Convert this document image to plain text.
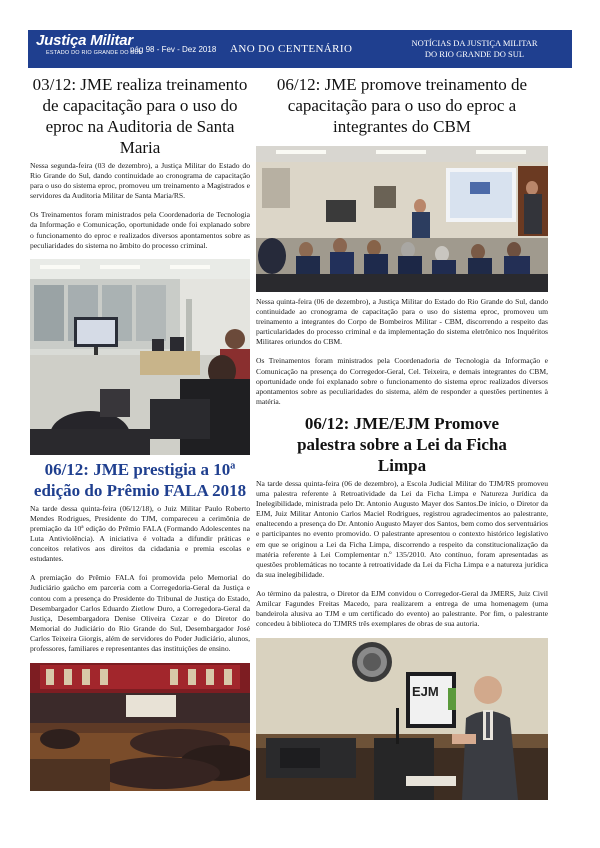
Justiça Militar
ESTADO DO RIO GRANDE DO SUL
pág 98 - Fev - Dez 2018	ANO DO CENTENÁRIO	NOTÍCIAS DA JUSTIÇA MILITAR
DO RIO GRANDE DO SUL
03/12: JME realiza treinamento de capacitação para o uso do eproc na Auditoria de Santa Maria

Nessa segunda-feira (03 de dezembro), a Justiça Militar do Estado do Rio Grande do Sul, dando continuidade ao cronograma de capacitação para o uso do sistema eproc, promoveu um treinamento a Magistrados e servidores da Auditoria Militar de Santa Maria/RS.

Os Treinamentos foram ministrados pela Coordenadoria de Tecnologia da Informação e Comunicação, oportunidade onde foi explanado sobre o funcionamento do eproc e realizados diversos apontamentos sobre as peculiaridades do sistema no âmbito do processo criminal.

06/12: JME prestigia a 10ª edição do Prêmio FALA 2018

Na tarde dessa quinta-feira (06/12/18), o Juiz Militar Paulo Roberto Mendes Rodrigues, Presidente do TJM, compareceu a cerimônia de premiação da 10ª edição do Prêmio FALA (Formando Adolescentes na Luta Antiviolência). A iniciativa é voltada a difundir práticas e conceitos relativos aos direitos da cidadania e premia escolas e estudantes.

A premiação do Prêmio FALA foi promovida pelo Memorial do Judiciário gaúcho em parceria com a Corregedoria-Geral da Justiça e contou com a presença do Presidente do Tribunal de Justiça do Estado, Desembargador Carlos Eduardo Zietlow Duro, a Corregedora-Geral da Justiça, Desembargadora Denise Oliveira Cezar e do Diretor do Memorial do Judiciário do Rio Grande do Sul, Desembargador José Carlos Teixeira Giorgis, além de servidores do Poder Judiciário, alunos, professores, familiares e representantes das instituições de ensino.

06/12: JME promove treinamento de capacitação para o uso do eproc a integrantes do CBM

Nessa quinta-feira (06 de dezembro), a Justiça Militar do Estado do Rio Grande do Sul, dando continuidade ao cronograma de capacitação para o uso do sistema eproc, promoveu um treinamento a integrantes do Corpo de Bombeiros Militar - CBM, discorrendo a respeito das particularidades do processo criminal e da implementação do sistema eletrônico nos Inquéritos Militares oriundos do CBM.

Os Treinamentos foram ministrados pela Coordenadoria de Tecnologia da Informação e Comunicação na presença do Corregedor-Geral, Cel. Teixeira, e demais integrantes do CBM, oportunidade onde foi explanado sobre o funcionamento do sistema eproc realizados diversos apontamentos sobre as peculiaridades do sistema, além de responder a questões pertinentes à matéria.

06/12: JME/EJM Promove palestra sobre a Lei da Ficha Limpa

Na tarde dessa quinta-feira (06 de dezembro), a Escola Judicial Militar do TJM/RS promoveu uma palestra referente à Retroatividade da Lei da Ficha Limpa e Natureza Jurídica da Inelegibilidade, ministrada pelo Dr. Antonio Augusto Mayer dos Santos.De início, o Diretor da EJM, Juiz Militar Antonio Carlos Maciel Rodrigues, registrou agradecimentos ao palestrante, enaltecendo a presença do Dr. Antonio Augusto Mayer dos Santos, bem como dos serventuários e participantes no evento promovido. O palestrante apresentou o contexto histórico legislativo em que se originou a Lei da Ficha Limpa, discorrendo a respeito da constitucionalização da matéria referente à Lei Complementar n.º 135/2010. Ato contínuo, foram apresentadas as questões problemáticas no tocante à retroatividade da Lei da Ficha Limpa e a natureza jurídica da sua inelegibilidade.

Ao término da palestra, o Diretor da EJM convidou o Corregedor-Geral da JMERS, Juiz Civil Amilcar Fagundes Freitas Macedo, para realizarem a entrega de uma homenagem (uma bandeirola alusiva ao TJM e um certificado do evento) ao palestrante. Por fim, o palestrante concedeu à biblioteca do TJMRS três exemplares de obras de sua autoria.

EJM
